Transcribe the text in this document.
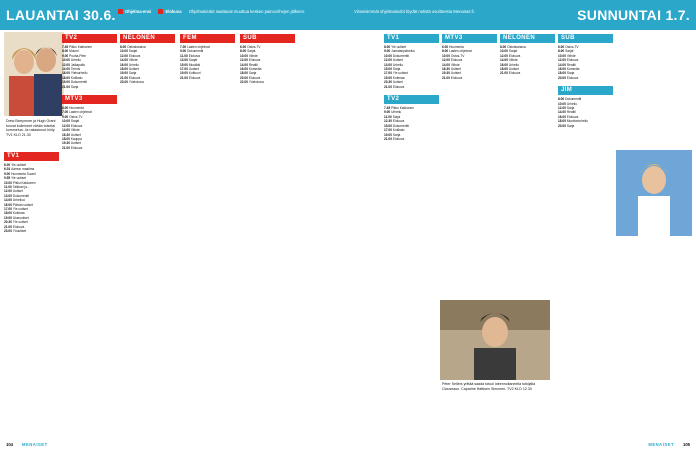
LAUANTAI 30.6.	Ohjelma-ensi	Elokuva Ohjelmatiedot saattavat muuttua kesken painovirhejen jälkeen.
Drew Barrymore ja Hugh Grant tuovat kolleineet vähän toiselai kummelua. Ja rakastunut hiiriy. TV1 KLO 21.30
TV1
6.00 Yle uutiset
6.03 Aamun maailma
9.00 Huomenta Suomi
9.55 Yle uutiset
10.00 Pikku Kakkonen
11.00 Talkkari ja...
12.00 Uutiset
13.00 Dokumentti
14.00 Urheilua
16.00 Päivän uutiset
17.00 Yle uutiset
18.00 Kotimaa
19.00 Alueuutiset
20.30 Yle uutiset
21.00 Elokuva
23.00 Yöuutiset
TV2
7.45 Pikku Kakkonen
8.00 Muumi
9.00 Puuha-Pete
10.00 Urheilu
12.00 Jalkapallo
14.00 Tennis
16.00 Yleisurheilu
18.00 Kotikatu
19.00 Dokumentti
21.00 Sarja
MTV3
6.00 Huomenta
7.00 Lasten ohjelmat
9.00 Ostos-TV
10.00 Sarjat
12.00 Elokuva
14.00 Viihde
16.30 Uutiset
18.00 Kauppa
19.30 Uutiset
21.00 Elokuva
NELONEN
8.00 Ostoskanava
10.00 Sarjat
12.00 Elokuva
14.00 Viihde
16.00 Urheilu
18.00 Uutiset
19.00 Sarja
21.00 Elokuva
23.00 Yöelokuva
FEM
7.00 Lasten ohjelmat
9.00 Dokumentti
11.00 Elokuva
13.00 Sarjat
15.00 Musiikki
17.00 Uutiset
19.00 Kulttuuri
21.00 Elokuva
SUB
6.00 Ostos-TV
8.00 Sarjat
10.00 Viihde
12.00 Elokuva
14.00 Realiti
16.00 Komedia
18.00 Sarja
20.00 Elokuva
22.00 Yöelokuva
104 MENAISET
Viimeisimmät ohjelmatiedot löydät netistä osoitteesta Menaiset.fi.	SUNNUNTAI 1.7.
Peter Sellers yrittää saada totuoi ideennoitaneella tutkijalla Clouseaun. Caparine Hattisen Simonen. TV2 KLO 12.30
TV1
8.00 Yle uutiset
9.00 Jumalanpalvelus
10.00 Dokumentti
12.00 Uutiset
13.00 Urheilu
15.00 Sarja
17.00 Yle uutiset
19.00 Kotimaa
20.30 Uutiset
21.00 Elokuva
TV2
7.45 Pikku Kakkonen
9.00 Urheilu
11.00 Sarja
12.30 Elokuva
15.00 Dokumentti
17.00 Kotikatu
19.00 Sarja
21.00 Elokuva
MTV3
6.00 Huomenta
8.00 Lasten ohjelmat
10.00 Ostos-TV
12.00 Elokuva
14.00 Viihde
16.30 Uutiset
19.30 Uutiset
21.00 Elokuva
NELONEN
8.00 Ostoskanava
10.00 Sarjat
12.00 Elokuva
14.00 Viihde
16.00 Urheilu
18.00 Uutiset
21.00 Elokuva
SUB
6.00 Ostos-TV
8.00 Sarjat
10.00 Viihde
12.00 Elokuva
14.00 Realiti
16.00 Komedia
18.00 Sarja
20.00 Elokuva
JIM
8.00 Dokumentti
10.00 Urheilu
12.00 Sarja
14.00 Realiti
16.00 Elokuva
18.00 Moottoriurheilu
20.00 Sarja
MENAISET 105
